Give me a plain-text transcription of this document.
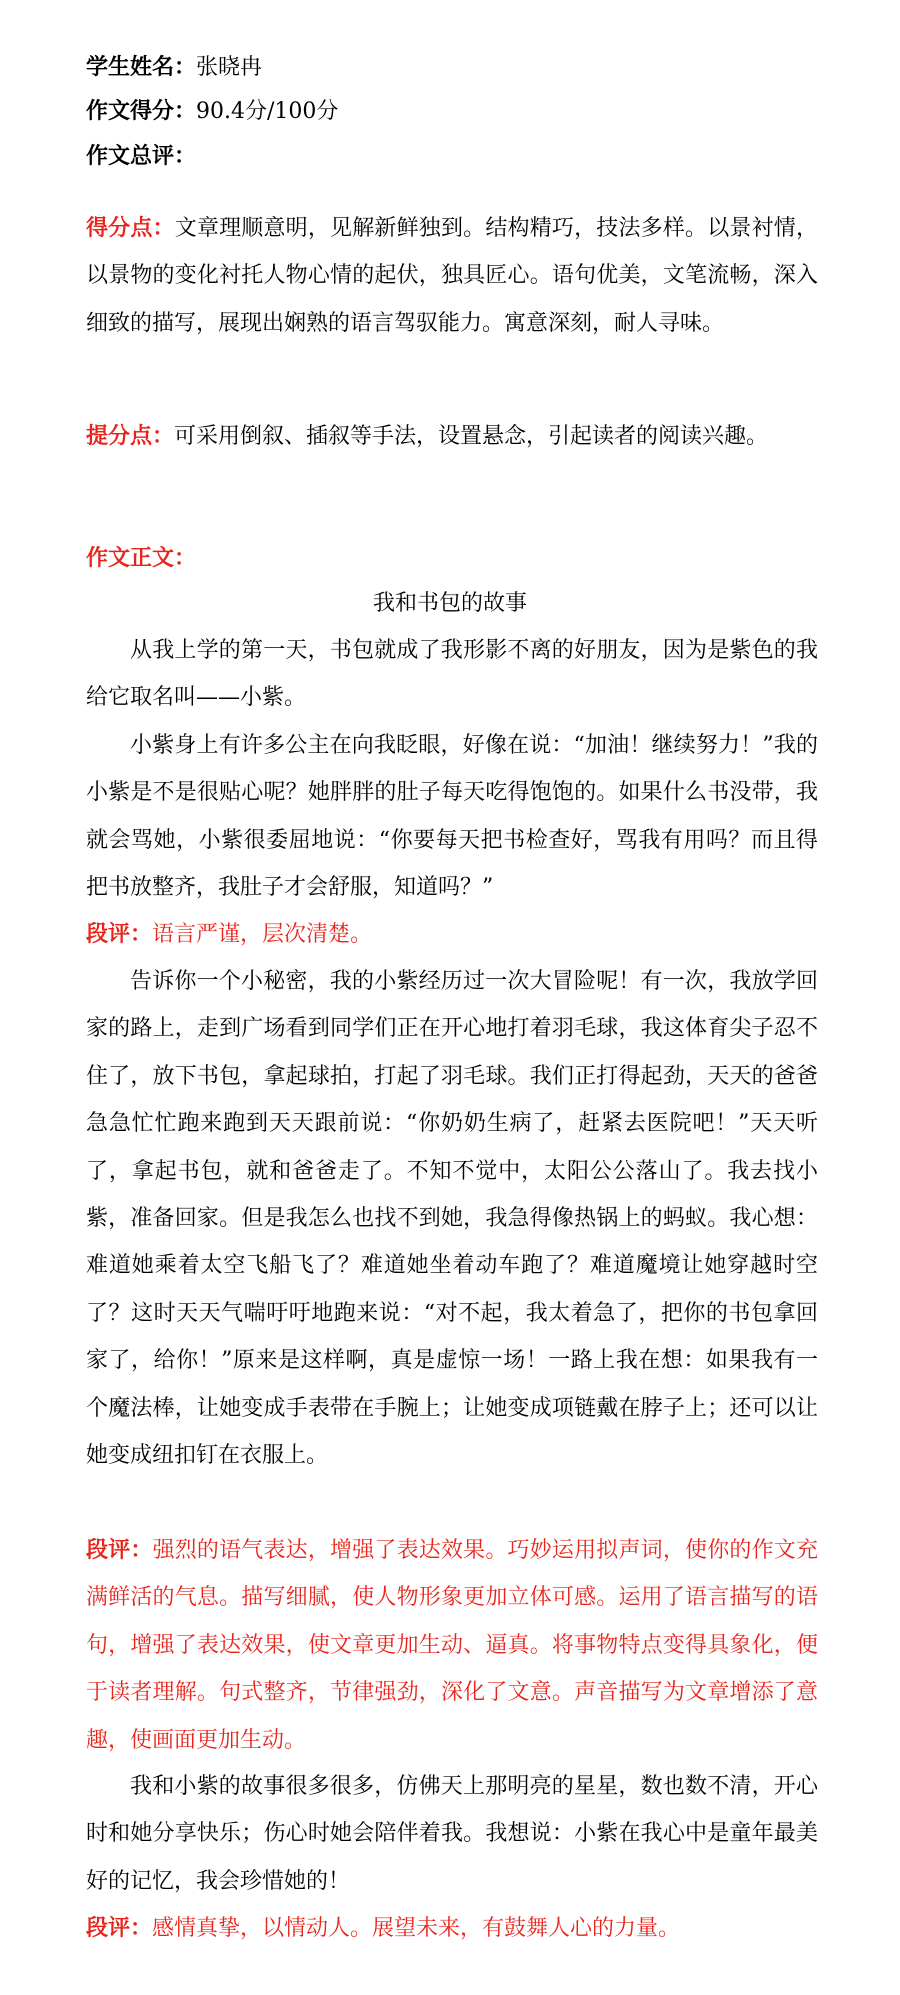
学生姓名：张晓冉
作文得分：90.4分/100分
作文总评：

得分点：文章理顺意明，见解新鲜独到。结构精巧，技法多样。以景衬情，以景物的变化衬托人物心情的起伏，独具匠心。语句优美，文笔流畅，深入细致的描写，展现出娴熟的语言驾驭能力。寓意深刻，耐人寻味。

提分点：可采用倒叙、插叙等手法，设置悬念，引起读者的阅读兴趣。

作文正文：
我和书包的故事

从我上学的第一天，书包就成了我形影不离的好朋友，因为是紫色的我给它取名叫——小紫。

小紫身上有许多公主在向我眨眼，好像在说：“加油！继续努力！”我的小紫是不是很贴心呢？她胖胖的肚子每天吃得饱饱的。如果什么书没带，我就会骂她，小紫很委屈地说：“你要每天把书检查好，骂我有用吗？而且得把书放整齐，我肚子才会舒服，知道吗？”

段评：语言严谨，层次清楚。

告诉你一个小秘密，我的小紫经历过一次大冒险呢！有一次，我放学回家的路上，走到广场看到同学们正在开心地打着羽毛球，我这体育尖子忍不住了，放下书包，拿起球拍，打起了羽毛球。我们正打得起劲，天天的爸爸急急忙忙跑来跑到天天跟前说：“你奶奶生病了，赶紧去医院吧！”天天听了，拿起书包，就和爸爸走了。不知不觉中，太阳公公落山了。我去找小紫，准备回家。但是我怎么也找不到她，我急得像热锅上的蚂蚁。我心想：难道她乘着太空飞船飞了？难道她坐着动车跑了？难道魔境让她穿越时空了？这时天天气喘吁吁地跑来说：“对不起，我太着急了，把你的书包拿回家了，给你！”原来是这样啊，真是虚惊一场！一路上我在想：如果我有一个魔法棒，让她变成手表带在手腕上；让她变成项链戴在脖子上；还可以让她变成纽扣钉在衣服上。

段评：强烈的语气表达，增强了表达效果。巧妙运用拟声词，使你的作文充满鲜活的气息。描写细腻，使人物形象更加立体可感。运用了语言描写的语句，增强了表达效果，使文章更加生动、逼真。将事物特点变得具象化，便于读者理解。句式整齐，节律强劲，深化了文意。声音描写为文章增添了意趣，使画面更加生动。

我和小紫的故事很多很多，仿佛天上那明亮的星星，数也数不清，开心时和她分享快乐；伤心时她会陪伴着我。我想说：小紫在我心中是童年最美好的记忆，我会珍惜她的！

段评：感情真挚，以情动人。展望未来，有鼓舞人心的力量。
